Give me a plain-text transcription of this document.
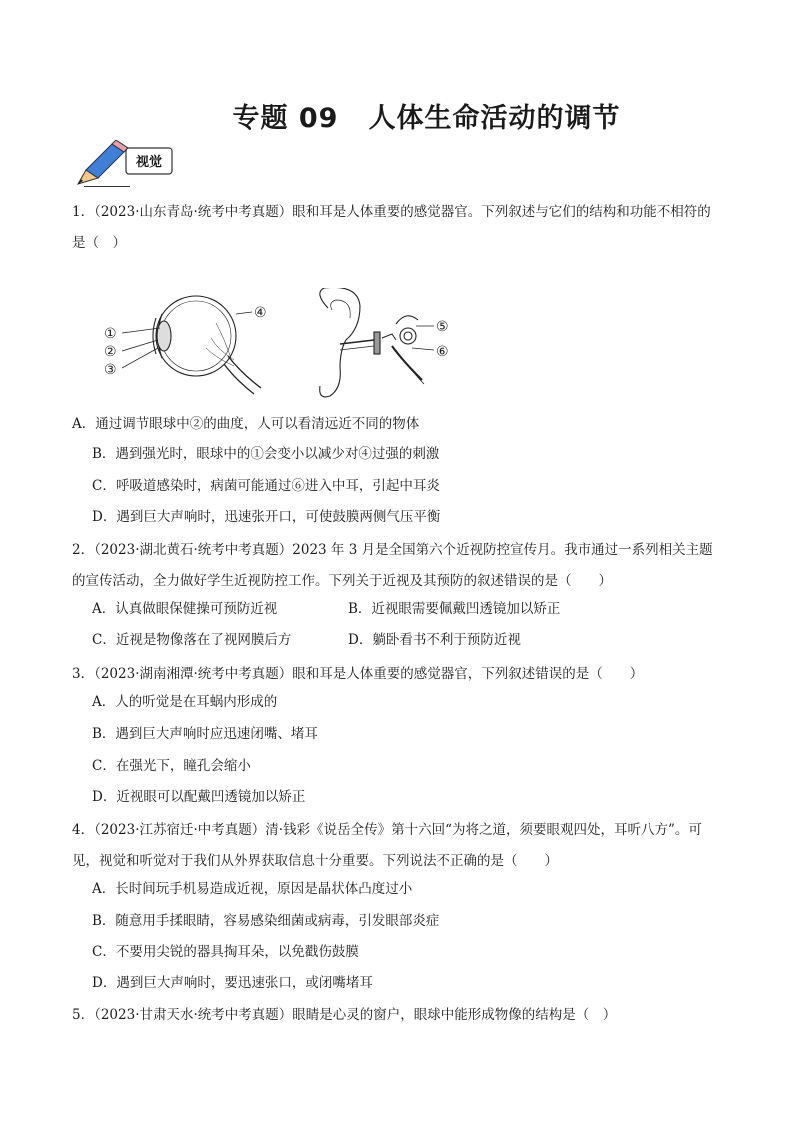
专题 09 人体生命活动的调节
视觉
1．（2023·山东青岛·统考中考真题）眼和耳是人体重要的感觉器官。下列叙述与它们的结构和功能不相符的
是（　）
④
①
②
③
⑤
⑥
A．通过调节眼球中②的曲度，人可以看清远近不同的物体
B．遇到强光时，眼球中的①会变小以减少对④过强的刺激
C．呼吸道感染时，病菌可能通过⑥进入中耳，引起中耳炎
D．遇到巨大声响时，迅速张开口，可使鼓膜两侧气压平衡
2．（2023·湖北黄石·统考中考真题）2023 年 3 月是全国第六个近视防控宣传月。我市通过一系列相关主题
的宣传活动，全力做好学生近视防控工作。下列关于近视及其预防的叙述错误的是（　　）
A．认真做眼保健操可预防近视	B．近视眼需要佩戴凹透镜加以矫正
C．近视是物像落在了视网膜后方	D．躺卧看书不利于预防近视
3．（2023·湖南湘潭·统考中考真题）眼和耳是人体重要的感觉器官，下列叙述错误的是（　　）
A．人的听觉是在耳蜗内形成的
B．遇到巨大声响时应迅速闭嘴、堵耳
C．在强光下，瞳孔会缩小
D．近视眼可以配戴凹透镜加以矫正
4．（2023·江苏宿迁·中考真题）清·钱彩《说岳全传》第十六回“为将之道，须要眼观四处，耳听八方”。可
见，视觉和听觉对于我们从外界获取信息十分重要。下列说法不正确的是（　　）
A．长时间玩手机易造成近视，原因是晶状体凸度过小
B．随意用手揉眼睛，容易感染细菌或病毒，引发眼部炎症
C．不要用尖锐的器具掏耳朵，以免戳伤鼓膜
D．遇到巨大声响时，要迅速张口，或闭嘴堵耳
5．（2023·甘肃天水·统考中考真题）眼睛是心灵的窗户，眼球中能形成物像的结构是（　）
